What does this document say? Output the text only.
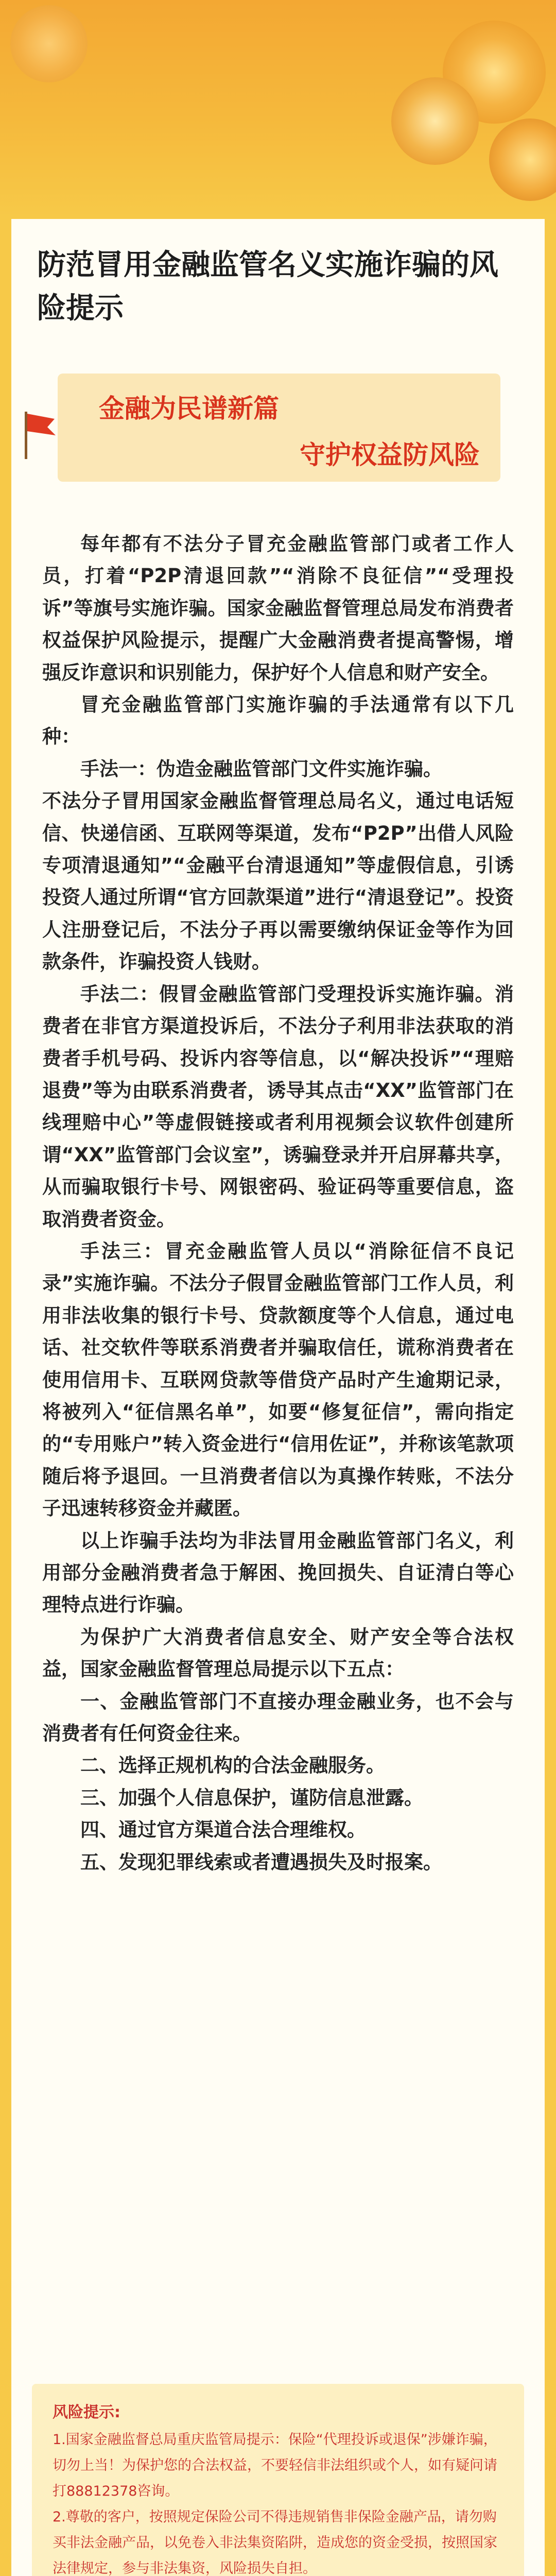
防范冒用金融监管名义实施诈骗的风险提示
金融为民谱新篇
守护权益防风险

每年都有不法分子冒充金融监管部门或者工作人员，打着“P2P清退回款”“消除不良征信”“受理投诉”等旗号实施诈骗。国家金融监督管理总局发布消费者权益保护风险提示，提醒广大金融消费者提高警惕，增强反诈意识和识别能力，保护好个人信息和财产安全。

冒充金融监管部门实施诈骗的手法通常有以下几种：

手法一：伪造金融监管部门文件实施诈骗。

不法分子冒用国家金融监督管理总局名义，通过电话短信、快递信函、互联网等渠道，发布“P2P”出借人风险专项清退通知”“金融平台清退通知”等虚假信息，引诱投资人通过所谓“官方回款渠道”进行“清退登记”。投资人注册登记后，不法分子再以需要缴纳保证金等作为回款条件，诈骗投资人钱财。

手法二：假冒金融监管部门受理投诉实施诈骗。消费者在非官方渠道投诉后，不法分子利用非法获取的消费者手机号码、投诉内容等信息，以“解决投诉”“理赔退费”等为由联系消费者，诱导其点击“XX”监管部门在线理赔中心”等虚假链接或者利用视频会议软件创建所谓“XX”监管部门会议室”，诱骗登录并开启屏幕共享，从而骗取银行卡号、网银密码、验证码等重要信息，盗取消费者资金。

手法三：冒充金融监管人员以“消除征信不良记录”实施诈骗。不法分子假冒金融监管部门工作人员，利用非法收集的银行卡号、贷款额度等个人信息，通过电话、社交软件等联系消费者并骗取信任，谎称消费者在使用信用卡、互联网贷款等借贷产品时产生逾期记录，将被列入“征信黑名单”，如要“修复征信”，需向指定的“专用账户”转入资金进行“信用佐证”，并称该笔款项随后将予退回。一旦消费者信以为真操作转账，不法分子迅速转移资金并藏匿。

以上诈骗手法均为非法冒用金融监管部门名义，利用部分金融消费者急于解困、挽回损失、自证清白等心理特点进行诈骗。

为保护广大消费者信息安全、财产安全等合法权益，国家金融监督管理总局提示以下五点：

一、金融监管部门不直接办理金融业务，也不会与消费者有任何资金往来。

二、选择正规机构的合法金融服务。

三、加强个人信息保护，谨防信息泄露。

四、通过官方渠道合法合理维权。

五、发现犯罪线索或者遭遇损失及时报案。

风险提示:

1.国家金融监督总局重庆监管局提示：保险“代理投诉或退保”涉嫌诈骗，切勿上当！为保护您的合法权益，不要轻信非法组织或个人，如有疑问请打88812378咨询。

2.尊敬的客户，按照规定保险公司不得违规销售非保险金融产品，请勿购买非法金融产品，以免卷入非法集资陷阱，造成您的资金受损，按照国家法律规定，参与非法集资，风险损失自担。
